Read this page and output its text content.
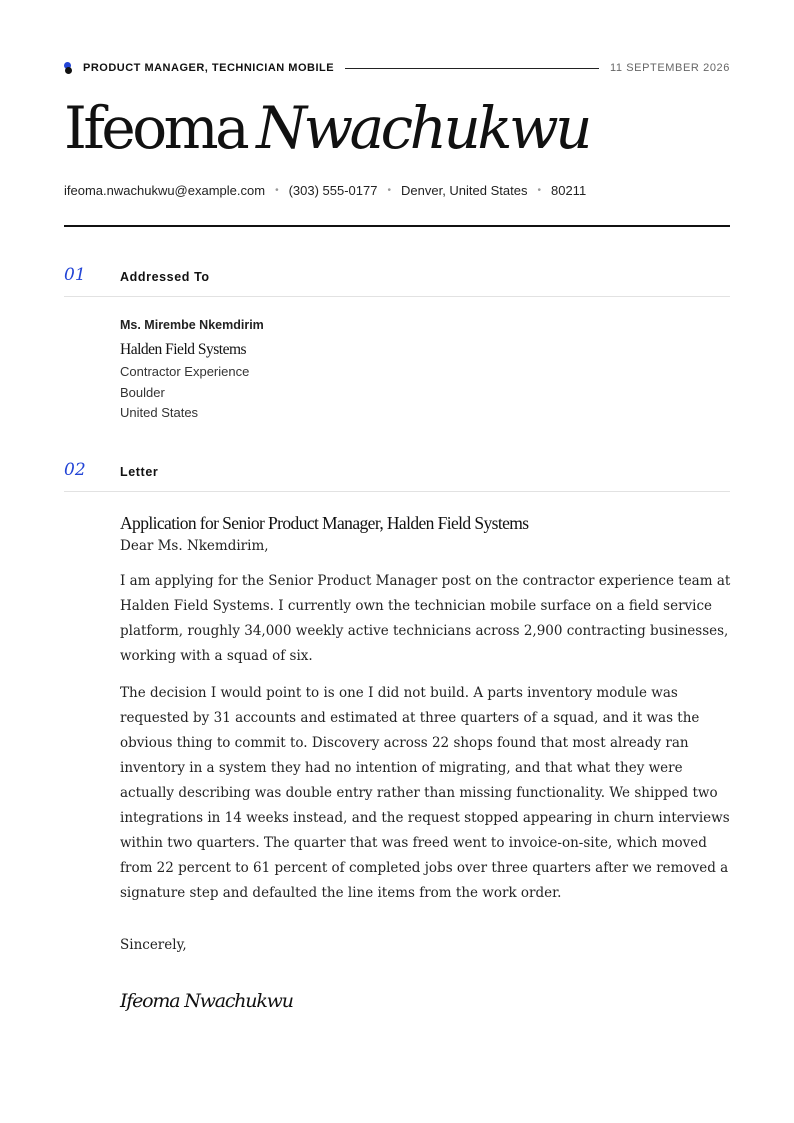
PRODUCT MANAGER, TECHNICIAN MOBILE	11 SEPTEMBER 2026
Ifeoma Nwachukwu
ifeoma.nwachukwu@example.com • (303) 555-0177 • Denver, United States • 80211
01	Addressed To
Ms. Mirembe Nkemdirim
Halden Field Systems
Contractor Experience
Boulder
United States
02	Letter
Application for Senior Product Manager, Halden Field Systems
Dear Ms. Nkemdirim,

I am applying for the Senior Product Manager post on the contractor experience team at Halden Field Systems. I currently own the technician mobile surface on a field service platform, roughly 34,000 weekly active technicians across 2,900 contracting businesses, working with a squad of six.

The decision I would point to is one I did not build. A parts inventory module was requested by 31 accounts and estimated at three quarters of a squad, and it was the obvious thing to commit to. Discovery across 22 shops found that most already ran inventory in a system they had no intention of migrating, and that what they were actually describing was double entry rather than missing functionality. We shipped two integrations in 14 weeks instead, and the request stopped appearing in churn interviews within two quarters. The quarter that was freed went to invoice-on-site, which moved from 22 percent to 61 percent of completed jobs over three quarters after we removed a signature step and defaulted the line items from the work order.

Sincerely,
Ifeoma Nwachukwu
